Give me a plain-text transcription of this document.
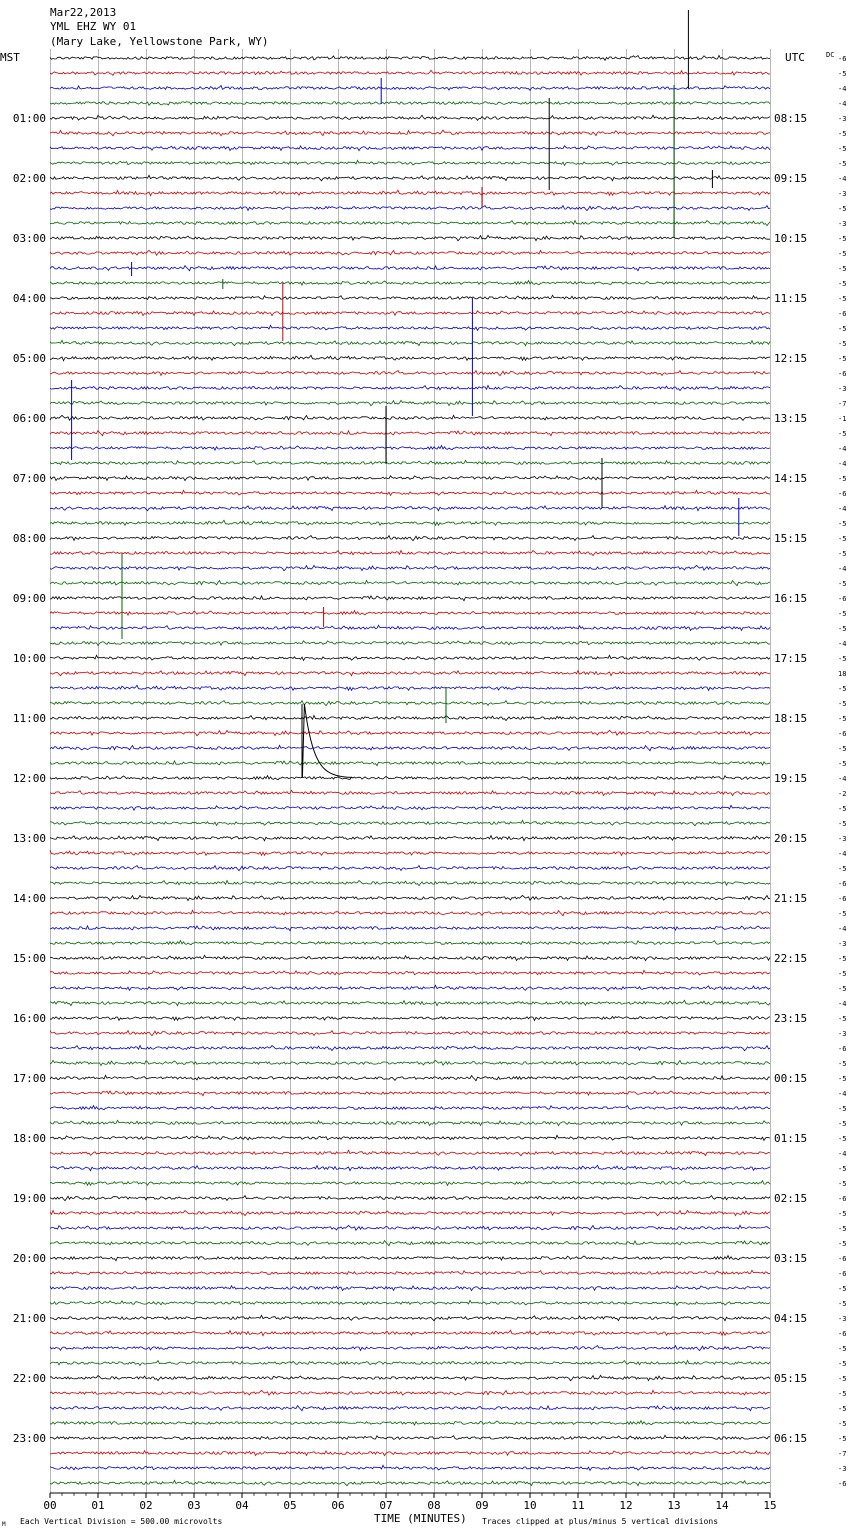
Mar22,2013
YML EHZ WY 01
(Mary Lake, Yellowstone Park, WY)
MST	UTC	DC
01:00
02:00
03:00
04:00
05:00
06:00
07:00
08:00
09:00
10:00
11:00
12:00
13:00
14:00
15:00
16:00
17:00
18:00
19:00
20:00
21:00
22:00
23:00
08:15
09:15
10:15
11:15
12:15
13:15
14:15
15:15
16:15
17:15
18:15
19:15
20:15
21:15
22:15
23:15
00:15
01:15
02:15
03:15
04:15
05:15
06:15
-6
-5
-4
-4
-3
-5
-5
-5
-4
-3
-5
-3
-5
-5
-5
-5
-5
-6
-5
-5
-5
-6
-3
-7
-1
-5
-4
-4
-5
-6
-4
-5
-5
-5
-4
-5
-6
-5
-5
-4
-5
18
-5
-5
-5
-6
-5
-5
-4
-2
-5
-5
-3
-4
-5
-6
-6
-5
-4
-3
-5
-5
-5
-4
-5
-3
-6
-5
-5
-4
-5
-5
-5
-4
-5
-5
-6
-5
-5
-5
-6
-6
-5
-5
-3
-6
-5
-5
-5
-5
-5
-5
-5
-7
-3
-6
00	01	02	03	04	05	06	07	08	09	10	11	12	13	14	15
TIME (MINUTES)
Each Vertical Division = 500.00 microvolts	Traces clipped at plus/minus 5 vertical divisions
M
